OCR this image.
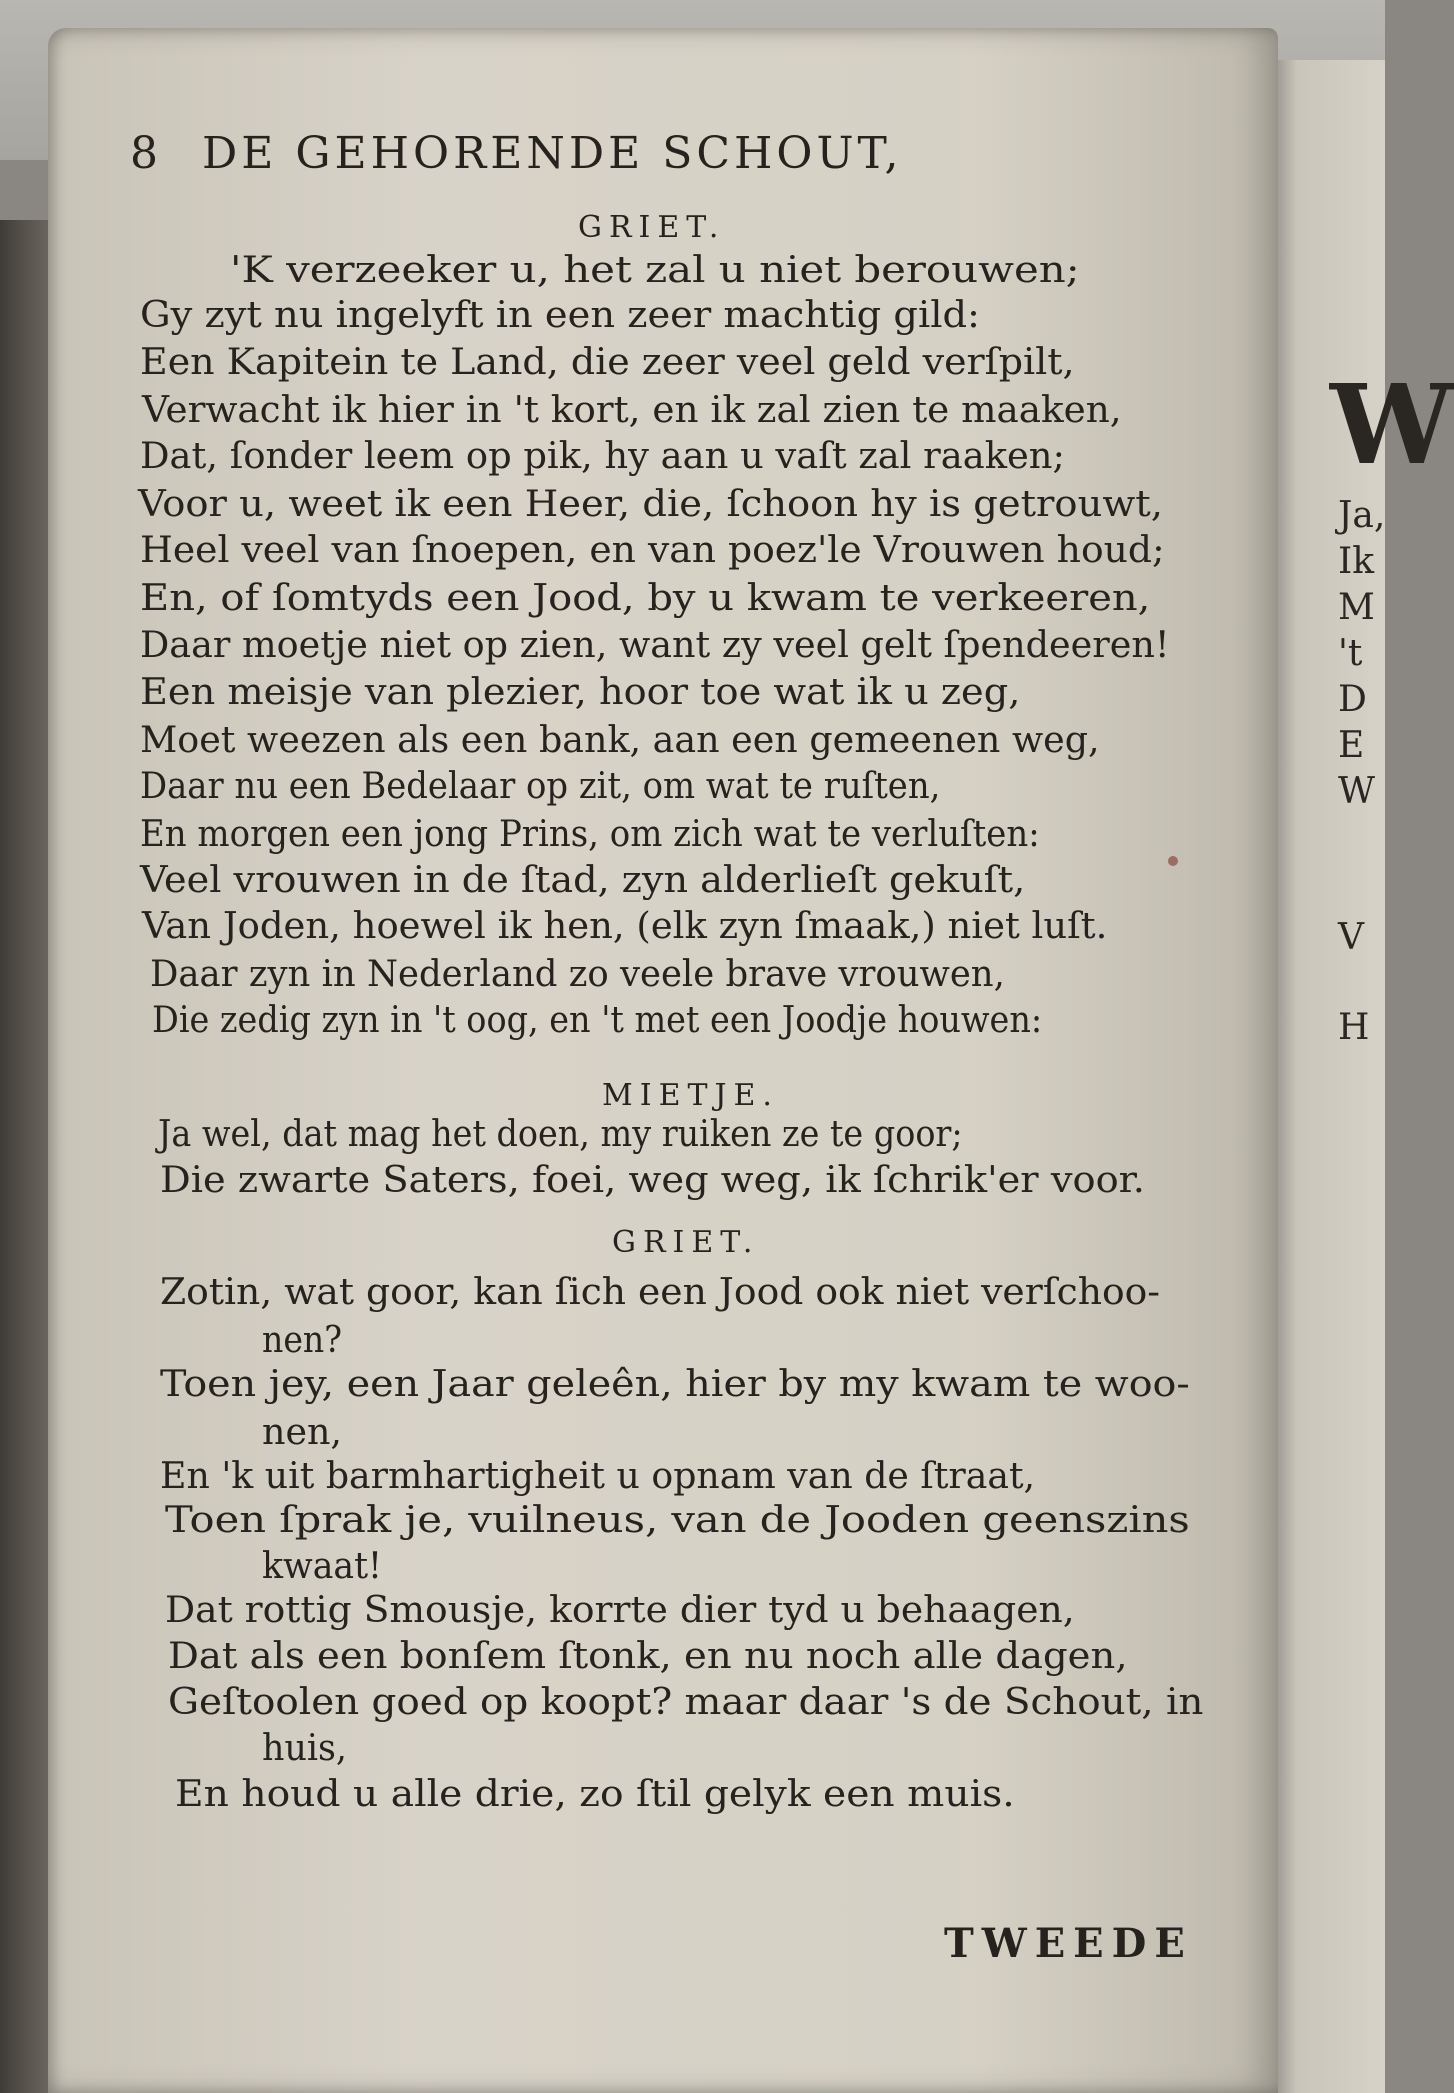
W
Ja,
Ik
M
't
D
E
W
V
H
8 DE GEHORENDE SCHOUT,
GRIET.
'K verzeeker u, het zal u niet berouwen;
Gy zyt nu ingelyft in een zeer machtig gild:
Een Kapitein te Land, die zeer veel geld verſpilt,
Verwacht ik hier in 't kort, en ik zal zien te maaken,
Dat, ſonder leem op pik, hy aan u vaſt zal raaken;
Voor u, weet ik een Heer, die, ſchoon hy is getrouwt,
Heel veel van ſnoepen, en van poez'le Vrouwen houd;
En, of ſomtyds een Jood, by u kwam te verkeeren,
Daar moetje niet op zien, want zy veel gelt ſpendeeren!
Een meisje van plezier, hoor toe wat ik u zeg,
Moet weezen als een bank, aan een gemeenen weg,
Daar nu een Bedelaar op zit, om wat te ruſten,
En morgen een jong Prins, om zich wat te verluſten:
Veel vrouwen in de ſtad, zyn alderlieſt gekuſt,
Van Joden, hoewel ik hen, (elk zyn ſmaak,) niet luſt.
Daar zyn in Nederland zo veele brave vrouwen,
Die zedig zyn in 't oog, en 't met een Joodje houwen:
MIETJE.
Ja wel, dat mag het doen, my ruiken ze te goor;
Die zwarte Saters, foei, weg weg, ik ſchrik'er voor.
GRIET.
Zotin, wat goor, kan ſich een Jood ook niet verſchoo-
nen?
Toen jey, een Jaar geleên, hier by my kwam te woo-
nen,
En 'k uit barmhartigheit u opnam van de ſtraat,
Toen ſprak je, vuilneus, van de Jooden geenszins
kwaat!
Dat rottig Smousje, korrte dier tyd u behaagen,
Dat als een bonſem ſtonk, en nu noch alle dagen,
Geſtoolen goed op koopt? maar daar 's de Schout, in
huis,
En houd u alle drie, zo ſtil gelyk een muis.
TWEEDE
